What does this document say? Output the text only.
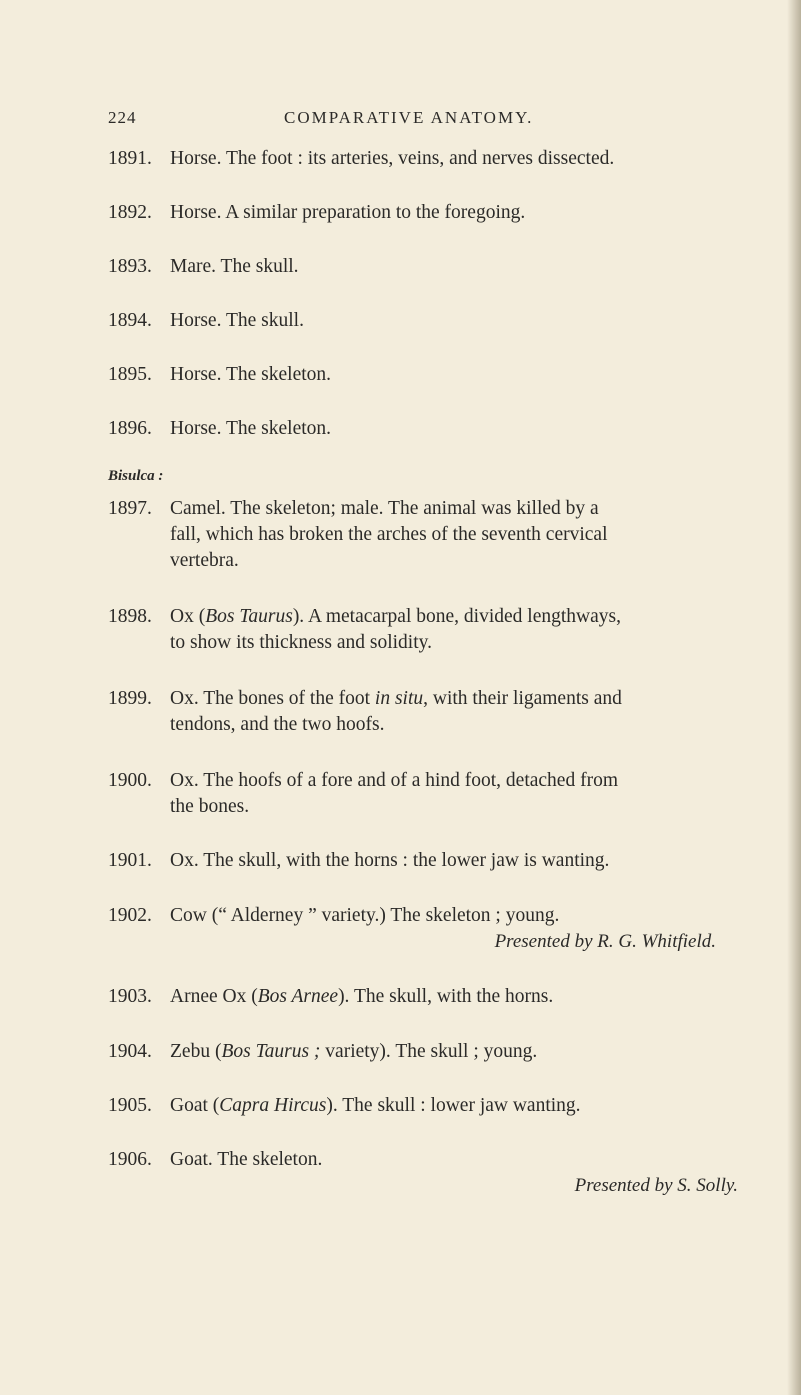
224	COMPARATIVE ANATOMY.
1891. Horse. The foot : its arteries, veins, and nerves dissected.
1892. Horse. A similar preparation to the foregoing.
1893. Mare. The skull.
1894. Horse. The skull.
1895. Horse. The skeleton.
1896. Horse. The skeleton.
Bisulca :
1897. Camel. The skeleton; male. The animal was killed by a
fall, which has broken the arches of the seventh cervical
vertebra.
1898. Ox (Bos Taurus). A metacarpal bone, divided lengthways,
to show its thickness and solidity.
1899. Ox. The bones of the foot in situ, with their ligaments and
tendons, and the two hoofs.
1900. Ox. The hoofs of a fore and of a hind foot, detached from
the bones.
1901. Ox. The skull, with the horns : the lower jaw is wanting.
1902. Cow (“ Alderney ” variety.) The skeleton ; young.
Presented by R. G. Whitfield.
1903. Arnee Ox (Bos Arnee). The skull, with the horns.
1904. Zebu (Bos Taurus ; variety). The skull ; young.
1905. Goat (Capra Hircus). The skull : lower jaw wanting.
1906. Goat. The skeleton.
Presented by S. Solly.
